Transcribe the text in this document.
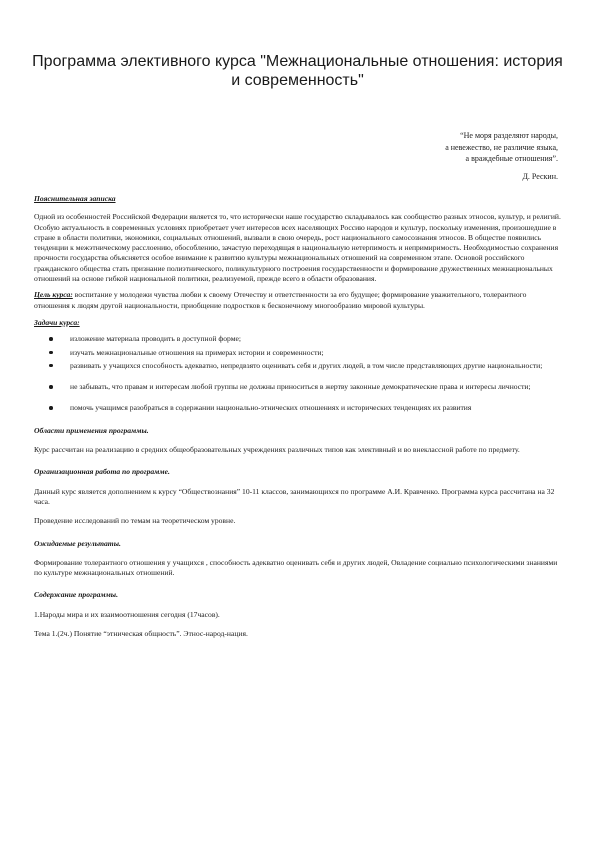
Программа элективного курса "Межнациональные отношения: история и современность"
“Не моря разделяют народы,
а невежество, не различие языка,
а враждебные отношения”.
Д. Рескин.

Пояснительная записка

Одной из особенностей Российской Федерации является то, что исторически наше государство складывалось как сообщество разных этносов, культур, и религий. Особую актуальность в современных условиях приобретает учет интересов всех населяющих Россию народов и культур, поскольку изменения, произошедшие в стране в области политики, экономики, социальных отношений, вызвали в свою очередь, рост национального самосознания этносов. В обществе появились тенденции к межэтническому расслоению, обособлению, зачастую переходящая в национальную нетерпимость и непримиримость. Необходимостью сохранения прочности государства объясняется особое внимание к развитию культуры межнациональных отношений на современном этапе. Основой российского гражданского общества стать признание полиэтнического, поликультурного построения государственности и формирование дружественных межнациональных отношений на основе гибкой национальной политики, реализуемой, прежде всего в области образования.

Цель курса: воспитание у молодежи чувства любви к своему Отечеству и ответственности за его будущее; формирование уважительного, толерантного отношения к людям другой национальности, приобщение подростков к бесконечному многообразию мировой культуры.

Задачи курса:

изложение материала проводить в доступной форме;
изучать межнациональные отношения на примерах истории и современности;
развивать у учащихся способность адекватно, непредвзято оценивать себя и других людей, в том числе представляющих другие национальности;
не забывать, что правам и интересам любой группы не должны приноситься в жертву законные демократические права и интересы личности;
помочь учащимся разобраться в содержании национально-этнических отношениях и исторических тенденциях их развития

Области применения программы.

Курс рассчитан на реализацию в средних общеобразовательных учреждениях различных типов как элективный и во внеклассной работе по предмету.

Организационная работа по программе.

Данный курс является дополнением к курсу “Обществознания” 10-11 классов, занимающихся по программе А.И. Кравченко. Программа курса рассчитана на 32 часа.

Проведение исследований по темам на теоретическом уровне.

Ожидаемые результаты.

Формирование толерантного отношения у учащихся , способность адекватно оценивать себя и других людей, Овладение социально психологическими знаниями по культуре межнациональных отношений.

Содержание программы.

1.Народы мира и их взаимоотношения сегодня (17часов).

Тема 1.(2ч.) Понятие “этническая общность”. Этнос-народ-нация.
